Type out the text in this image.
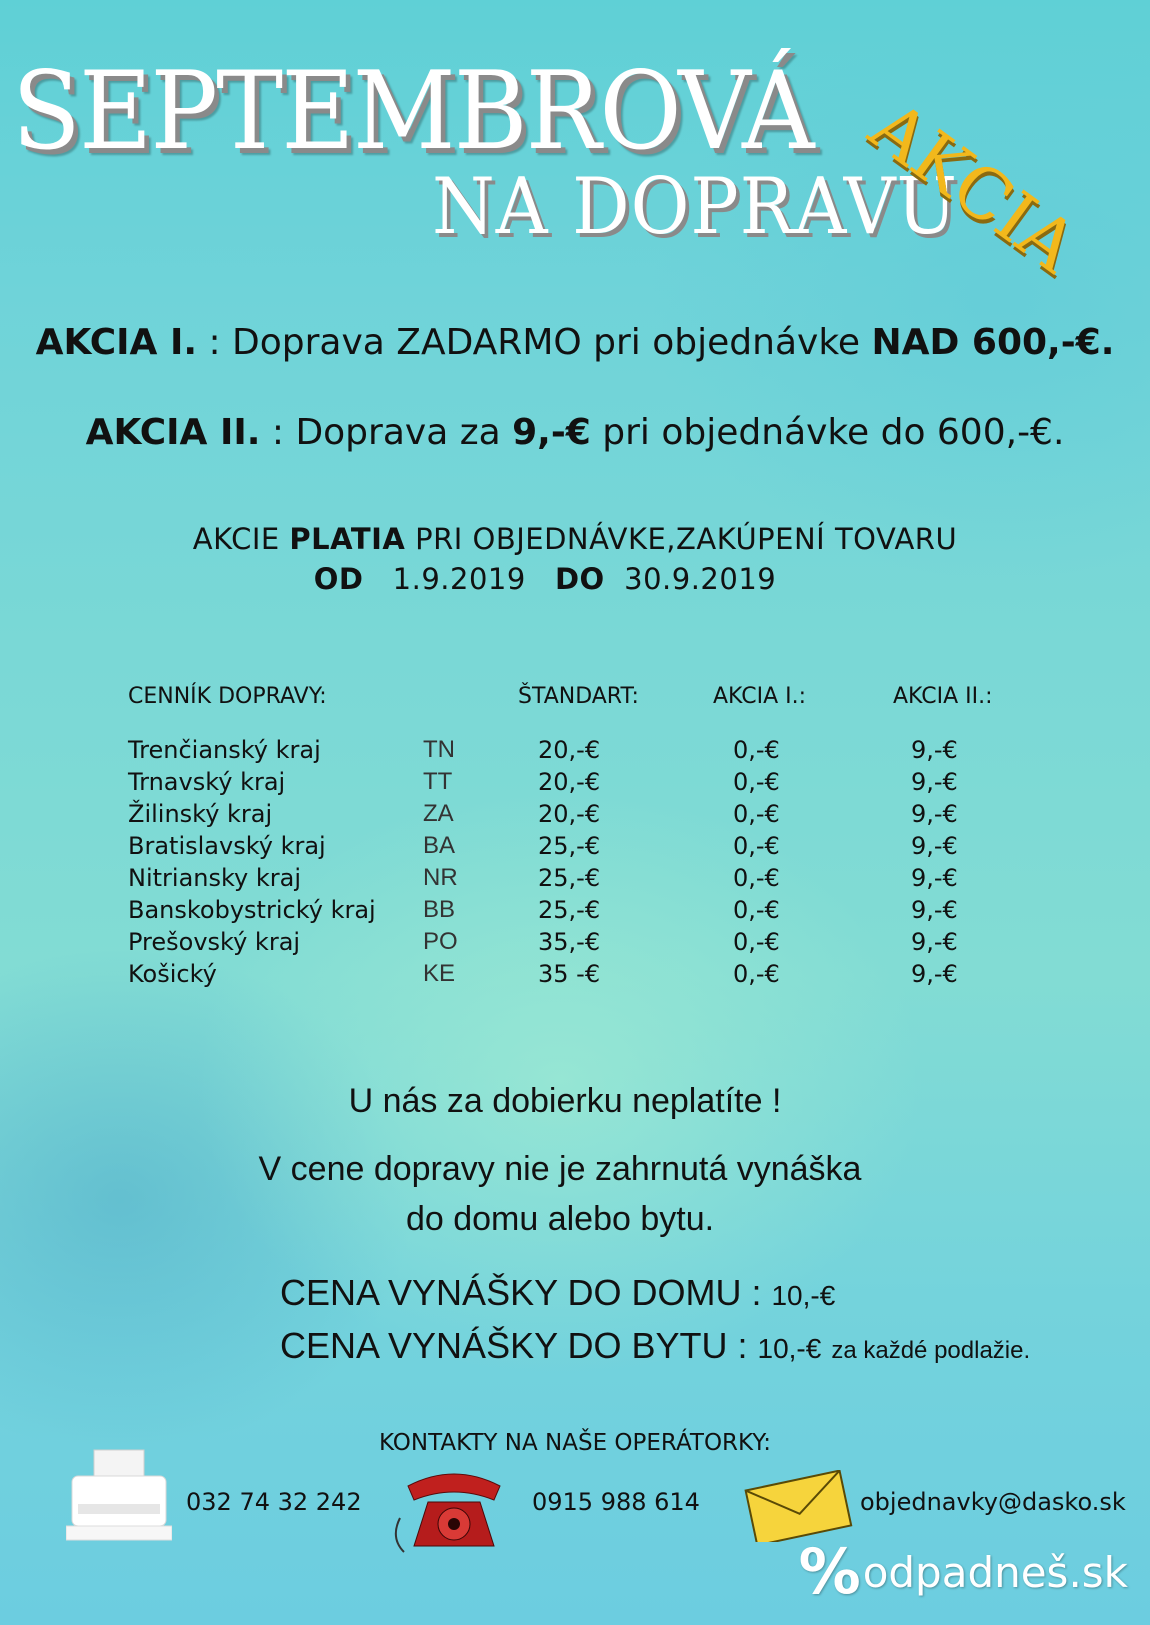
SEPTEMBROVÁ
NA DOPRAVU
AKCIA
AKCIA I. : Doprava ZADARMO pri objednávke NAD 600,-€.
AKCIA II. : Doprava za 9,-€ pri objednávke do 600,-€.
AKCIE PLATIA PRI OBJEDNÁVKE,ZAKÚPENÍ TOVARU
OD 1.9.2019 DO 30.9.2019
CENNÍK DOPRAVY:	ŠTANDART:	AKCIA I.:	AKCIA II.:
Trenčianský kraj	TN	20,-€	0,-€	9,-€
Trnavský kraj	TT	20,-€	0,-€	9,-€
Žilinský kraj	ZA	20,-€	0,-€	9,-€
Bratislavský kraj	BA	25,-€	0,-€	9,-€
Nitriansky kraj	NR	25,-€	0,-€	9,-€
Banskobystrický kraj BB	25,-€	0,-€	9,-€
Prešovský kraj	PO	35,-€	0,-€	9,-€
Košický	KE	35 -€	0,-€	9,-€
U nás za dobierku neplatíte !
V cene dopravy nie je zahrnutá vynáška
do domu alebo bytu.
CENA VYNÁŠKY DO DOMU : 10,-€
CENA VYNÁŠKY DO BYTU : 10,-€ za každé podlažie.
KONTAKTY NA NAŠE OPERÁTORKY:
032 74 32 242	0915 988 614	objednavky@dasko.sk
%odpadneš.sk
